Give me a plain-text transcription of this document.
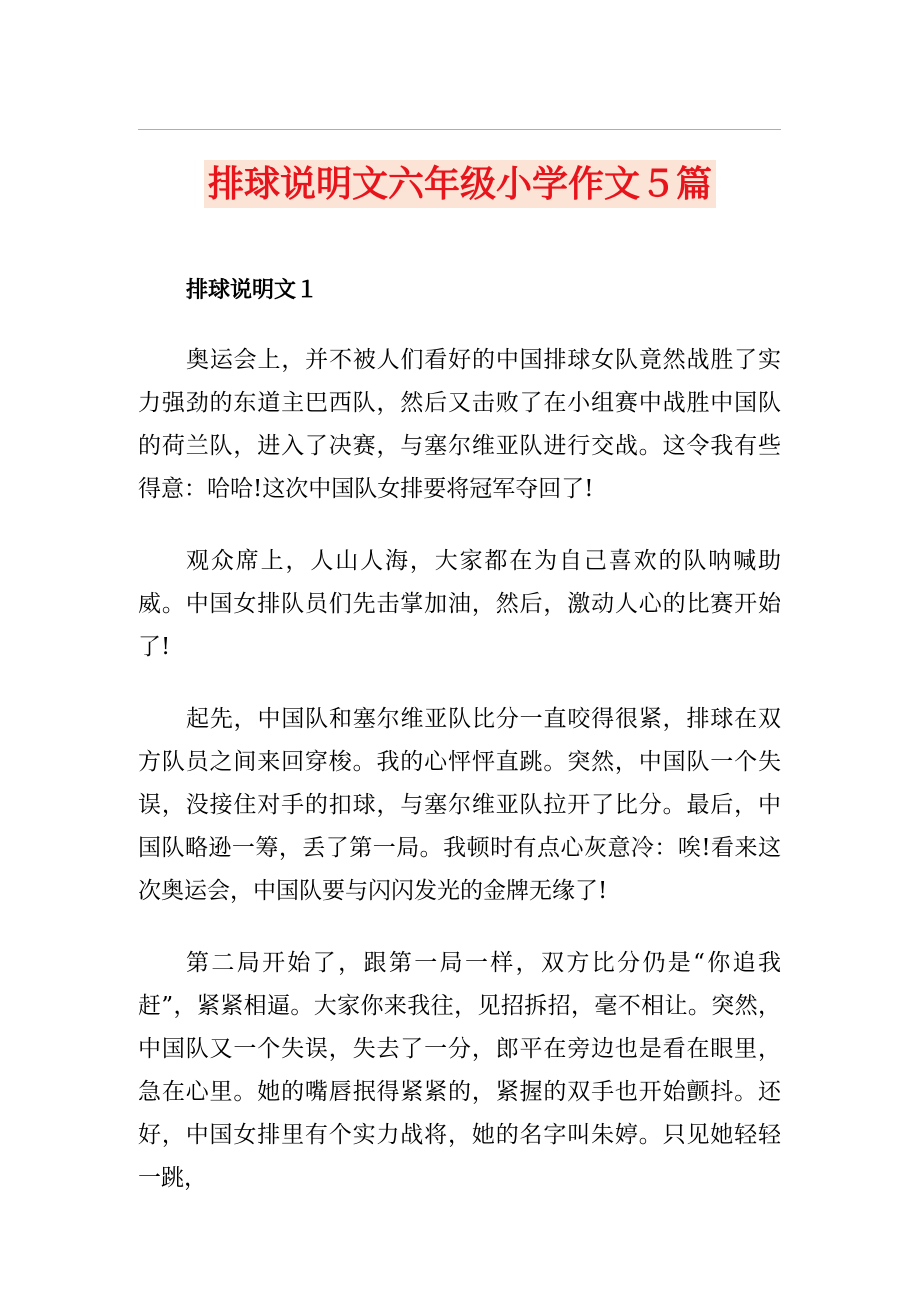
排球说明文六年级小学作文５篇

排球说明文１

奥运会上，并不被人们看好的中国排球女队竟然战胜了实力强劲的东道主巴西队，然后又击败了在小组赛中战胜中国队的荷兰队，进入了决赛，与塞尔维亚队进行交战。这令我有些得意：哈哈!这次中国队女排要将冠军夺回了!

观众席上，人山人海，大家都在为自己喜欢的队呐喊助威。中国女排队员们先击掌加油，然后，激动人心的比赛开始了!

起先，中国队和塞尔维亚队比分一直咬得很紧，排球在双方队员之间来回穿梭。我的心怦怦直跳。突然，中国队一个失误，没接住对手的扣球，与塞尔维亚队拉开了比分。最后，中国队略逊一筹，丢了第一局。我顿时有点心灰意冷：唉!看来这次奥运会，中国队要与闪闪发光的金牌无缘了!

第二局开始了，跟第一局一样，双方比分仍是“你追我赶”，紧紧相逼。大家你来我往，见招拆招，毫不相让。突然，中国队又一个失误，失去了一分，郎平在旁边也是看在眼里，急在心里。她的嘴唇抿得紧紧的，紧握的双手也开始颤抖。还好，中国女排里有个实力战将，她的名字叫朱婷。只见她轻轻一跳，
